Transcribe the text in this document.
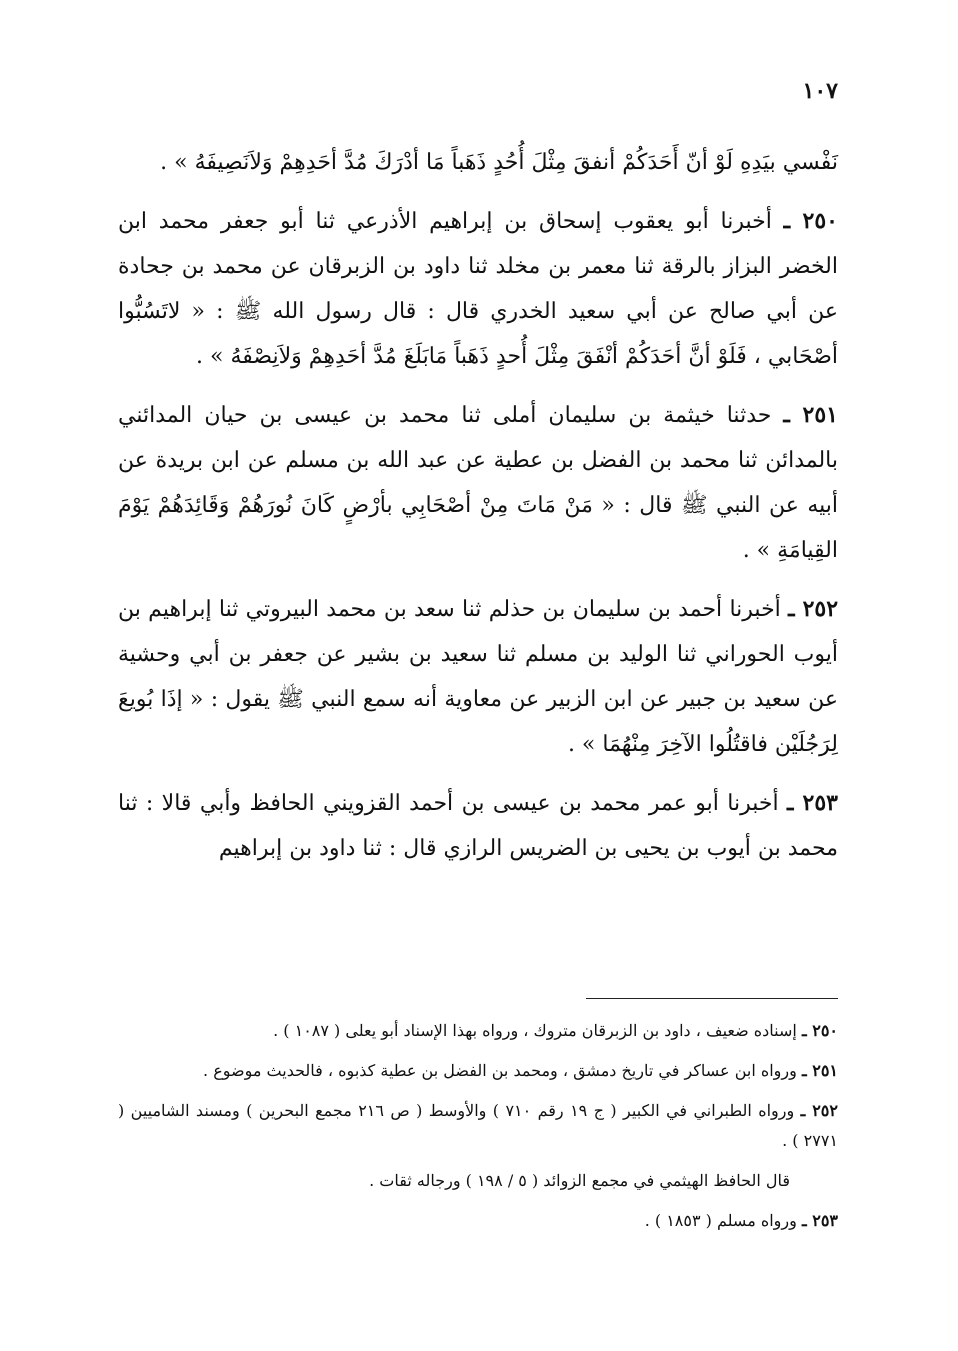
١٠٧

نَفْسي بيَدِهِ لَوْ أنّ أَحَدَكُمْ أنفقَ مِثْلَ أُحُدٍ ذَهَباً مَا أدْرَكَ مُدَّ أحَدِهِمْ وَلاَنَصِيفَهُ » .

٢٥٠ ـ أخبرنا أبو يعقوب إسحاق بن إبراهيم الأذرعي ثنا أبو جعفر محمد ابن الخضر البزاز بالرقة ثنا معمر بن مخلد ثنا داود بن الزبرقان عن محمد بن جحادة عن أبي صالح عن أبي سعيد الخدري قال : قال رسول الله ﷺ : « لاتَسُبُّوا أصْحَابي ، فَلَوْ أنَّ أحَدَكُمْ أنْفَقَ مِثْلَ أُحدٍ ذَهَباً مَابَلَغَ مُدَّ أحَدِهِمْ وَلاَنِصْفَهُ » .

٢٥١ ـ حدثنا خيثمة بن سليمان أملى ثنا محمد بن عيسى بن حيان المدائني بالمدائن ثنا محمد بن الفضل بن عطية عن عبد الله بن مسلم عن ابن بريدة عن أبيه عن النبي ﷺ قال : « مَنْ مَاتَ مِنْ أصْحَابِي بأرْضٍ كَانَ نُورَهُمْ وَقَائِدَهُمْ يَوْمَ القِيامَةِ » .

٢٥٢ ـ أخبرنا أحمد بن سليمان بن حذلم ثنا سعد بن محمد البيروتي ثنا إبراهيم بن أيوب الحوراني ثنا الوليد بن مسلم ثنا سعيد بن بشير عن جعفر بن أبي وحشية عن سعيد بن جبير عن ابن الزبير عن معاوية أنه سمع النبي ﷺ يقول : « إذَا بُويعَ لِرَجُلَيْن فاقتُلُوا الآخِرَ مِنْهُمَا » .

٢٥٣ ـ أخبرنا أبو عمر محمد بن عيسى بن أحمد القزويني الحافظ وأبي قالا : ثنا محمد بن أيوب بن يحيى بن الضريس الرازي قال : ثنا داود بن إبراهيم

٢٥٠ ـ إسناده ضعيف ، داود بن الزبرقان متروك ، ورواه بهذا الإسناد أبو يعلى ( ١٠٨٧ ) .

٢٥١ ـ ورواه ابن عساكر في تاريخ دمشق ، ومحمد بن الفضل بن عطية كذبوه ، فالحديث موضوع .

٢٥٢ ـ ورواه الطبراني في الكبير ( ج ١٩ رقم ٧١٠ ) والأوسط ( ص ٢١٦ مجمع البحرين ) ومسند الشاميين ( ٢٧٧١ ) .

قال الحافظ الهيثمي في مجمع الزوائد ( ٥ / ١٩٨ ) ورجاله ثقات .

٢٥٣ ـ ورواه مسلم ( ١٨٥٣ ) .
